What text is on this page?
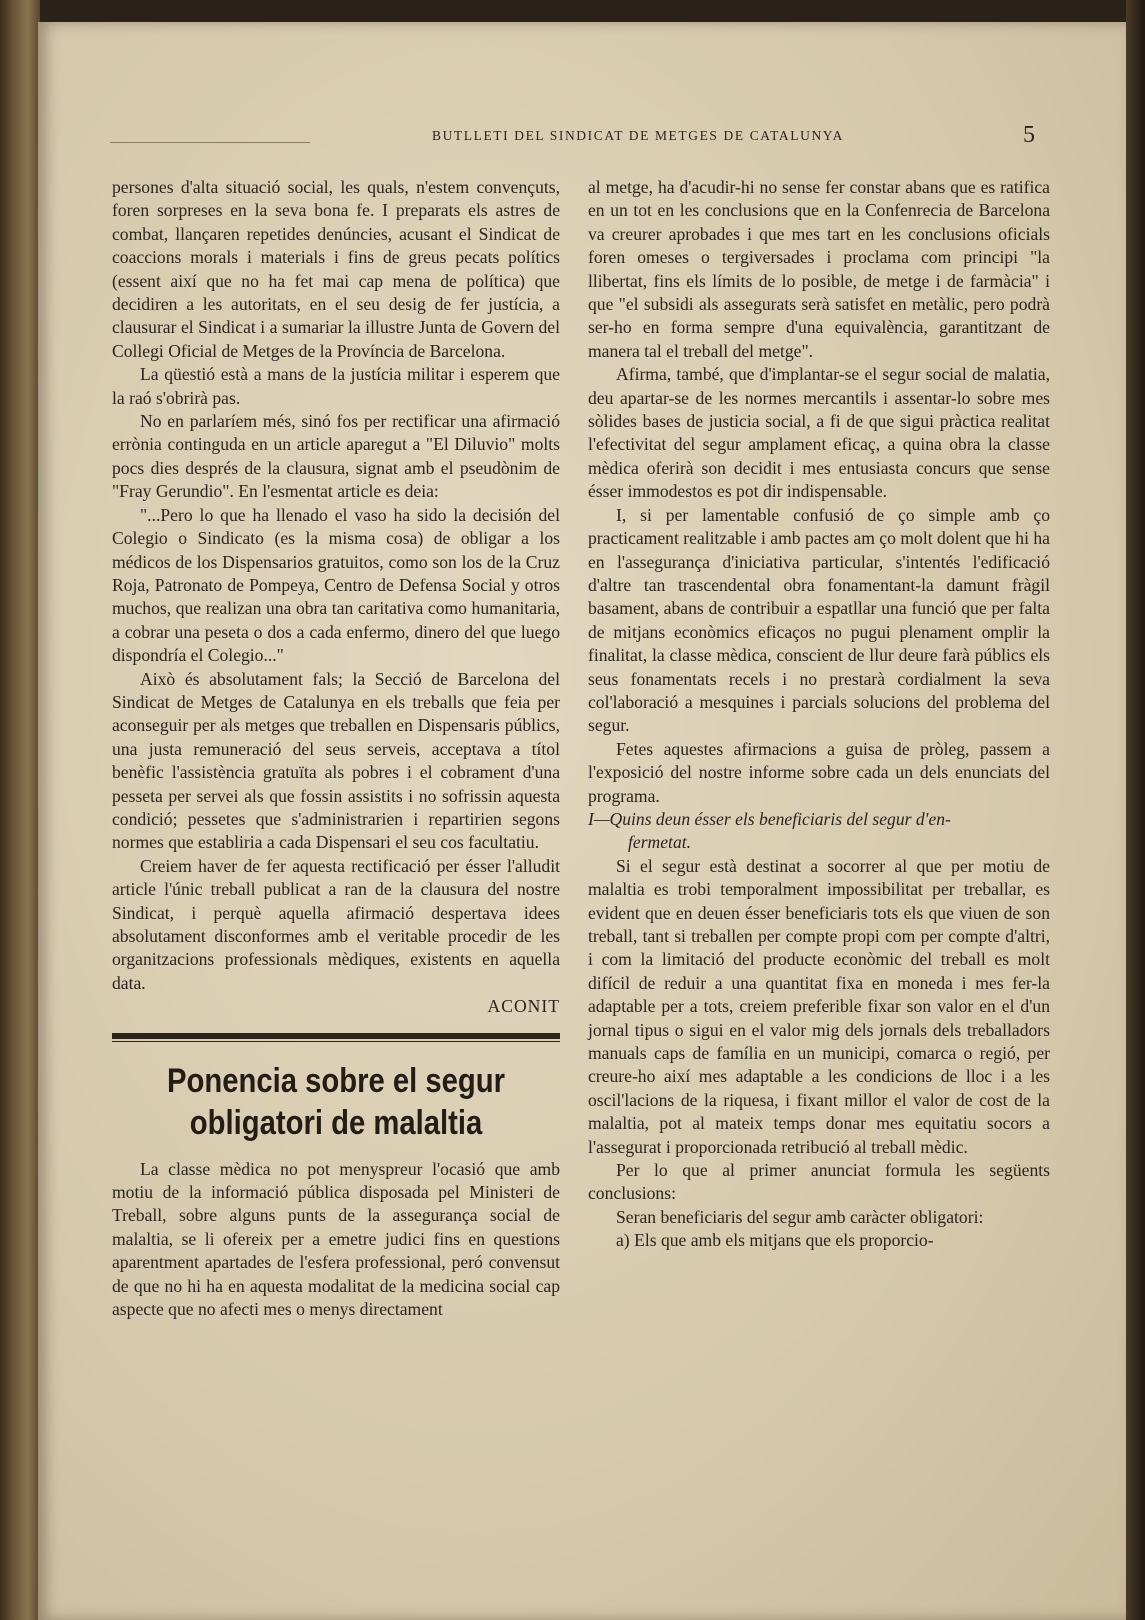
BUTLLETI DEL SINDICAT DE METGES DE CATALUNYA	5

persones d'alta situació social, les quals, n'estem convençuts, foren sorpreses en la seva bona fe. I preparats els astres de combat, llançaren repetides denúncies, acusant el Sindicat de coaccions morals i materials i fins de greus pecats polítics (essent així que no ha fet mai cap mena de política) que decidiren a les autoritats, en el seu desig de fer justícia, a clausurar el Sindicat i a sumariar la illustre Junta de Govern del Collegi Oficial de Metges de la Província de Barcelona.

La qüestió està a mans de la justícia militar i esperem que la raó s'obrirà pas.

No en parlaríem més, sinó fos per rectificar una afirmació errònia continguda en un article aparegut a "El Diluvio" molts pocs dies després de la clausura, signat amb el pseudònim de "Fray Gerundio". En l'esmentat article es deia:

"...Pero lo que ha llenado el vaso ha sido la decisión del Colegio o Sindicato (es la misma cosa) de obligar a los médicos de los Dispensarios gratuitos, como son los de la Cruz Roja, Patronato de Pompeya, Centro de Defensa Social y otros muchos, que realizan una obra tan caritativa como humanitaria, a cobrar una peseta o dos a cada enfermo, dinero del que luego dispondría el Colegio..."

Això és absolutament fals; la Secció de Barcelona del Sindicat de Metges de Catalunya en els treballs que feia per aconseguir per als metges que treballen en Dispensaris públics, una justa remuneració del seus serveis, acceptava a títol benèfic l'assistència gratuïta als pobres i el cobrament d'una pesseta per servei als que fossin assistits i no sofrissin aquesta condició; pessetes que s'administrarien i repartirien segons normes que establiria a cada Dispensari el seu cos facultatiu.

Creiem haver de fer aquesta rectificació per ésser l'alludit article l'únic treball publicat a ran de la clausura del nostre Sindicat, i perquè aquella afirmació despertava idees absolutament disconformes amb el veritable procedir de les organitzacions professionals mèdiques, existents en aquella data.

ACONIT

Ponencia sobre el segur obligatori de malaltia

La classe mèdica no pot menyspreur l'ocasió que amb motiu de la informació pública disposada pel Ministeri de Treball, sobre alguns punts de la assegurança social de malaltia, se li ofereix per a emetre judici fins en questions aparentment apartades de l'esfera professional, peró convensut de que no hi ha en aquesta modalitat de la medicina social cap aspecte que no afecti mes o menys directament

al metge, ha d'acudir-hi no sense fer constar abans que es ratifica en un tot en les conclusions que en la Confenrecia de Barcelona va creurer aprobades i que mes tart en les conclusions oficials foren omeses o tergiversades i proclama com principi "la llibertat, fins els límits de lo posible, de metge i de farmàcia" i que "el subsidi als assegurats serà satisfet en metàlic, pero podrà ser-ho en forma sempre d'una equivalència, garantitzant de manera tal el treball del metge".

Afirma, també, que d'implantar-se el segur social de malatia, deu apartar-se de les normes mercantils i assentar-lo sobre mes sòlides bases de justicia social, a fi de que sigui pràctica realitat l'efectivitat del segur amplament eficaç, a quina obra la classe mèdica oferirà son decidit i mes entusiasta concurs que sense ésser immodestos es pot dir indispensable.

I, si per lamentable confusió de ço simple amb ço practicament realitzable i amb pactes am ço molt dolent que hi ha en l'assegurança d'iniciativa particular, s'intentés l'edificació d'altre tan trascendental obra fonamentant-la damunt fràgil basament, abans de contribuir a espatllar una funció que per falta de mitjans econòmics eficaços no pugui plenament omplir la finalitat, la classe mèdica, conscient de llur deure farà públics els seus fonamentats recels i no prestarà cordialment la seva col'laboració a mesquines i parcials solucions del problema del segur.

Fetes aquestes afirmacions a guisa de pròleg, passem a l'exposició del nostre informe sobre cada un dels enunciats del programa.

I—Quins deun ésser els beneficiaris del segur d'en-

fermetat.

Si el segur està destinat a socorrer al que per motiu de malaltia es trobi temporalment impossibilitat per treballar, es evident que en deuen ésser beneficiaris tots els que viuen de son treball, tant si treballen per compte propi com per compte d'altri, i com la limitació del producte econòmic del treball es molt difícil de reduir a una quantitat fixa en moneda i mes fer-la adaptable per a tots, creiem preferible fixar son valor en el d'un jornal tipus o sigui en el valor mig dels jornals dels treballadors manuals caps de família en un municipi, comarca o regió, per creure-ho així mes adaptable a les condicions de lloc i a les oscil'lacions de la riquesa, i fixant millor el valor de cost de la malaltia, pot al mateix temps donar mes equitatiu socors a l'assegurat i proporcionada retribució al treball mèdic.

Per lo que al primer anunciat formula les següents conclusions:

Seran beneficiaris del segur amb caràcter obligatori:

a) Els que amb els mitjans que els proporcio-
